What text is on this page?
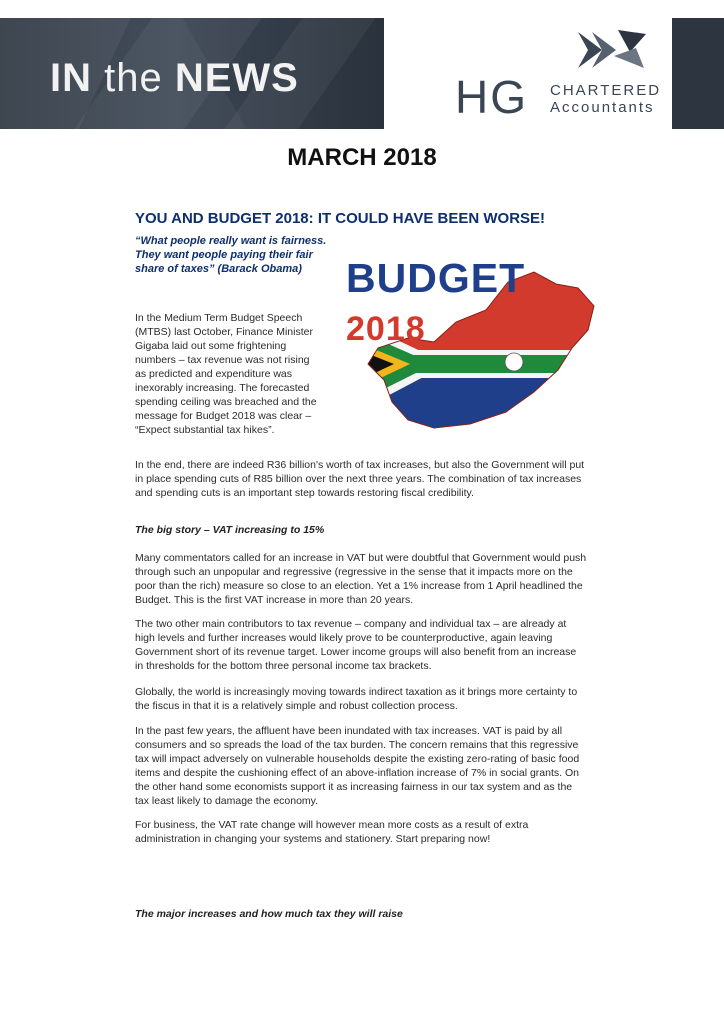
IN the NEWS	HG CHARTERED
Accountants
MARCH 2018
YOU AND BUDGET 2018: IT COULD HAVE BEEN WORSE!

“What people really want is fairness. They want people paying their fair share of taxes” (Barack Obama)	BUDGET
2018

In the Medium Term Budget Speech (MTBS) last October, Finance Minister Gigaba laid out some frightening numbers – tax revenue was not rising as predicted and expenditure was inexorably increasing. The forecasted spending ceiling was breached and the message for Budget 2018 was clear – “Expect substantial tax hikes”.

In the end, there are indeed R36 billion's worth of tax increases, but also the Government will put in place spending cuts of R85 billion over the next three years. The combination of tax increases and spending cuts is an important step towards restoring fiscal credibility.

The big story – VAT increasing to 15%

Many commentators called for an increase in VAT but were doubtful that Government would push through such an unpopular and regressive (regressive in the sense that it impacts more on the poor than the rich) measure so close to an election. Yet a 1% increase from 1 April headlined the Budget. This is the first VAT increase in more than 20 years.

The two other main contributors to tax revenue – company and individual tax – are already at high levels and further increases would likely prove to be counterproductive, again leaving Government short of its revenue target. Lower income groups will also benefit from an increase in thresholds for the bottom three personal income tax brackets.

Globally, the world is increasingly moving towards indirect taxation as it brings more certainty to the fiscus in that it is a relatively simple and robust collection process.

In the past few years, the affluent have been inundated with tax increases. VAT is paid by all consumers and so spreads the load of the tax burden. The concern remains that this regressive tax will impact adversely on vulnerable households despite the existing zero-rating of basic food items and despite the cushioning effect of an above-inflation increase of 7% in social grants. On the other hand some economists support it as increasing fairness in our tax system and as the tax least likely to damage the economy.

For business, the VAT rate change will however mean more costs as a result of extra administration in changing your systems and stationery. Start preparing now!

The major increases and how much tax they will raise
